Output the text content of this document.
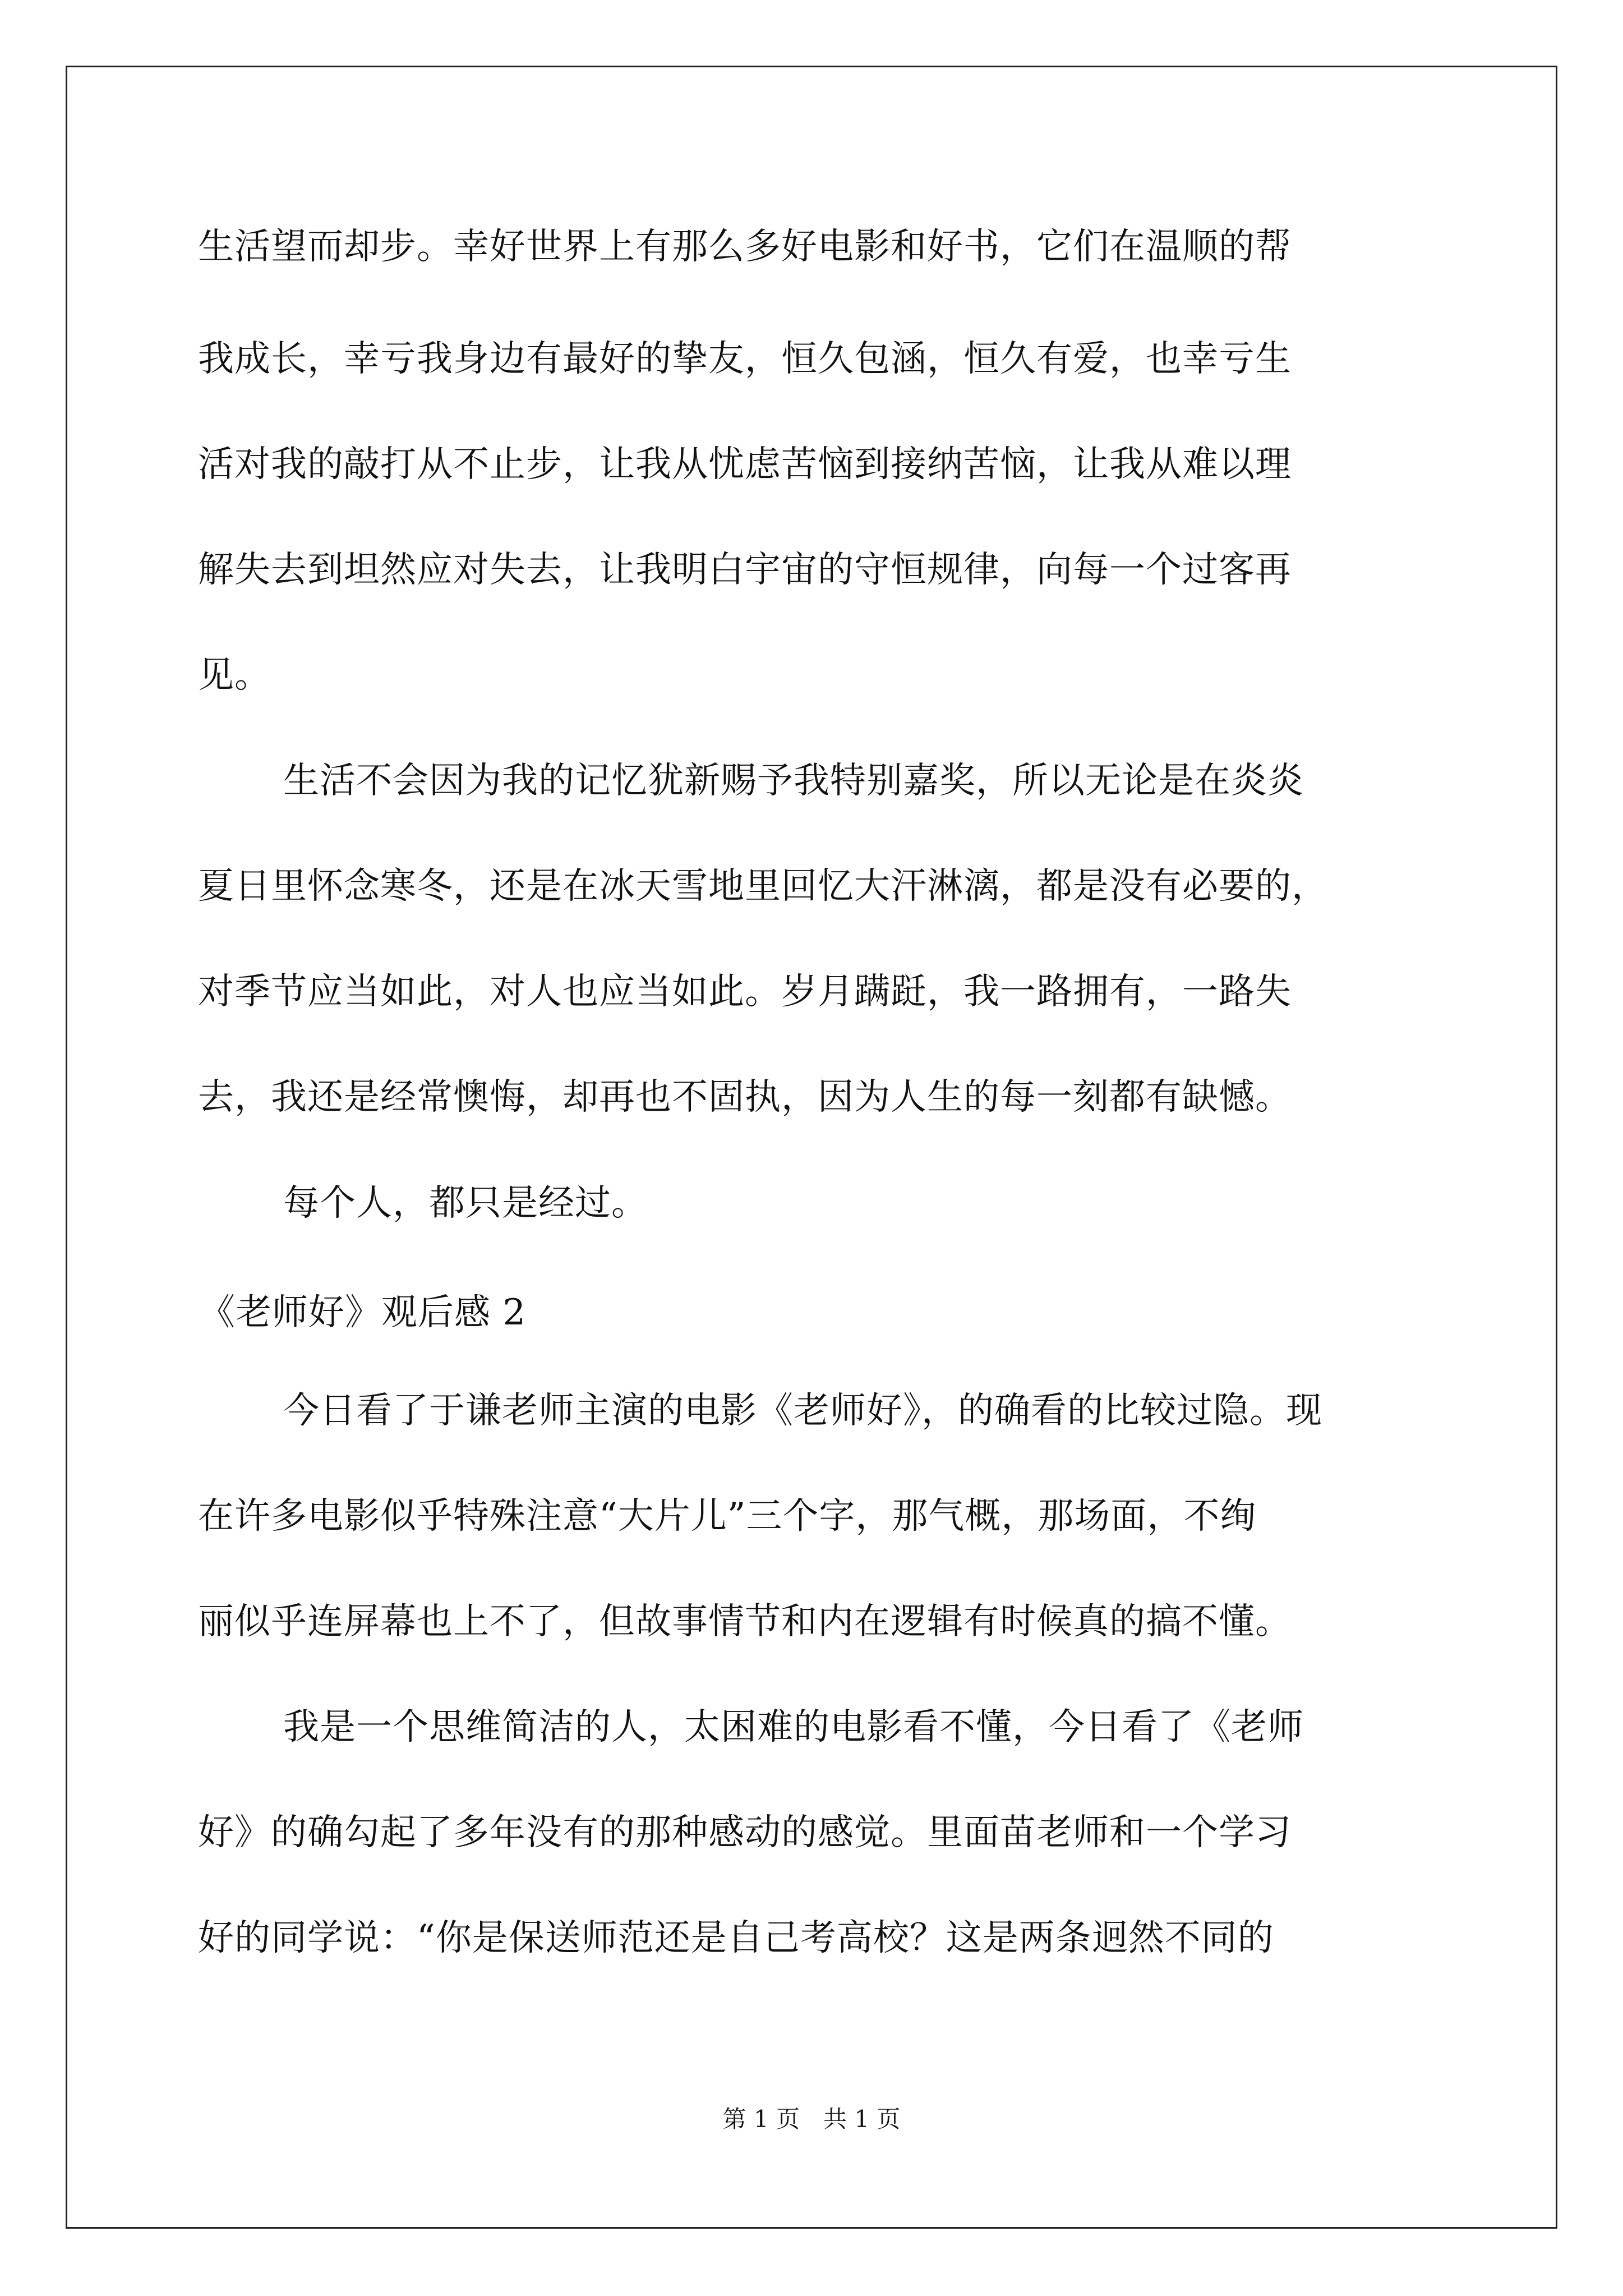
生活望而却步。幸好世界上有那么多好电影和好书，它们在温顺的帮
我成长，幸亏我身边有最好的挚友，恒久包涵，恒久有爱，也幸亏生
活对我的敲打从不止步，让我从忧虑苦恼到接纳苦恼，让我从难以理
解失去到坦然应对失去，让我明白宇宙的守恒规律，向每一个过客再
见。
生活不会因为我的记忆犹新赐予我特别嘉奖，所以无论是在炎炎
夏日里怀念寒冬，还是在冰天雪地里回忆大汗淋漓，都是没有必要的，
对季节应当如此，对人也应当如此。岁月蹒跹，我一路拥有，一路失
去，我还是经常懊悔，却再也不固执，因为人生的每一刻都有缺憾。
每个人，都只是经过。
《老师好》观后感 2
今日看了于谦老师主演的电影《老师好》，的确看的比较过隐。现
在许多电影似乎特殊注意“大片儿”三个字，那气概，那场面，不绚
丽似乎连屏幕也上不了，但故事情节和内在逻辑有时候真的搞不懂。
我是一个思维简洁的人，太困难的电影看不懂，今日看了《老师
好》的确勾起了多年没有的那种感动的感觉。里面苗老师和一个学习
好的同学说：“你是保送师范还是自己考高校？这是两条迥然不同的
第 1 页　共 1 页
